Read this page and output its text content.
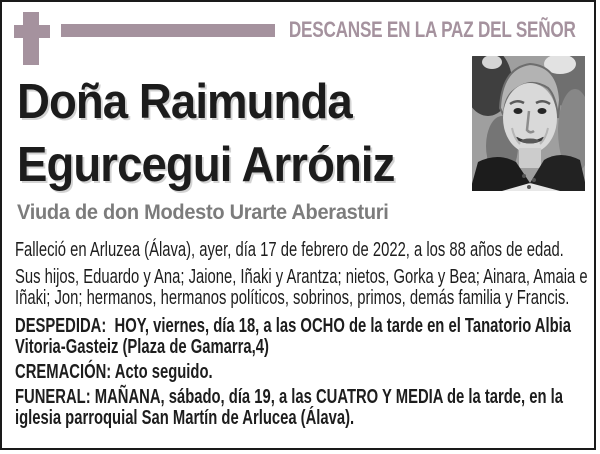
DESCANSE EN LA PAZ DEL SEÑOR
Doña Raimunda
Egurcegui Arróniz
Viuda de don Modesto Urarte Aberasturi

Falleció en Arluzea (Álava), ayer, día 17 de febrero de 2022, a los 88 años de edad.

Sus hijos, Eduardo y Ana; Jaione, Iñaki y Arantza; nietos, Gorka y Bea; Ainara, Amaia e Iñaki; Jon; hermanos, hermanos políticos, sobrinos, primos, demás familia y Francis.

DESPEDIDA:  HOY, viernes, día 18, a las OCHO de la tarde en el Tanatorio Albia Vitoria-Gasteiz (Plaza de Gamarra,4)

CREMACIÓN: Acto seguido.

FUNERAL: MAÑANA, sábado, día 19, a las CUATRO Y MEDIA de la tarde, en la iglesia parroquial San Martín de Arlucea (Álava).
